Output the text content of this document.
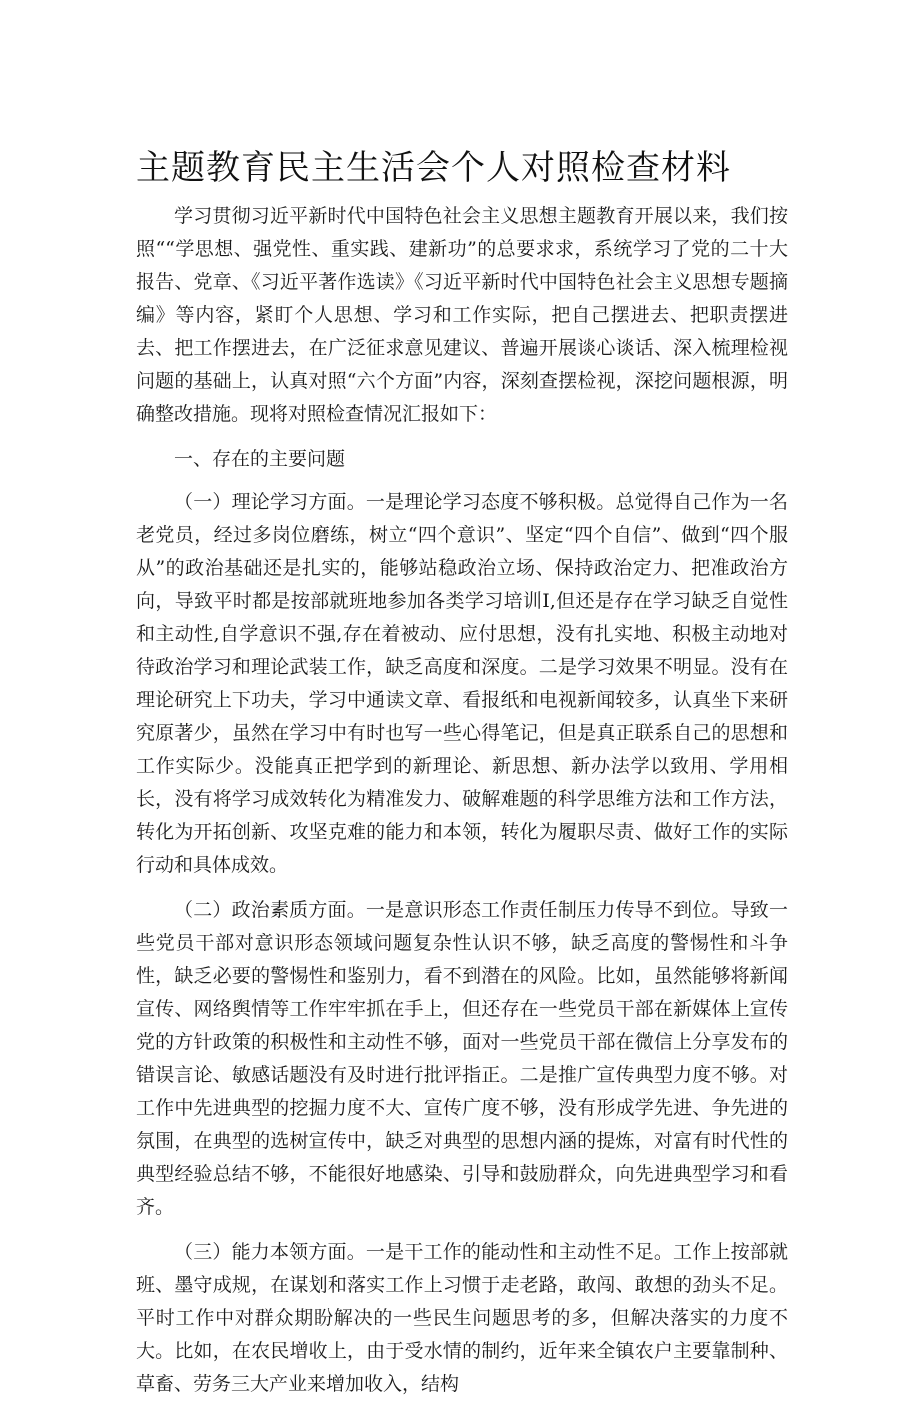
主题教育民主生活会个人对照检查材料

学习贯彻习近平新时代中国特色社会主义思想主题教育开展以来，我们按照““学思想、强党性、重实践、建新功”的总要求求，系统学习了党的二十大报告、党章、《习近平著作选读》《习近平新时代中国特色社会主义思想专题摘编》等内容，紧盯个人思想、学习和工作实际，把自己摆进去、把职责摆进去、把工作摆进去，在广泛征求意见建议、普遍开展谈心谈话、深入梳理检视问题的基础上，认真对照“六个方面”内容，深刻查摆检视，深挖问题根源，明确整改措施。现将对照检查情况汇报如下：

一、存在的主要问题

（一）理论学习方面。一是理论学习态度不够积极。总觉得自己作为一名老党员，经过多岗位磨练，树立“四个意识”、坚定“四个自信”、做到“四个服从”的政治基础还是扎实的，能够站稳政治立场、保持政治定力、把准政治方向，导致平时都是按部就班地参加各类学习培训I,但还是存在学习缺乏自觉性和主动性,自学意识不强,存在着被动、应付思想，没有扎实地、积极主动地对待政治学习和理论武装工作，缺乏高度和深度。二是学习效果不明显。没有在理论研究上下功夫，学习中通读文章、看报纸和电视新闻较多，认真坐下来研究原著少，虽然在学习中有时也写一些心得笔记，但是真正联系自己的思想和工作实际少。没能真正把学到的新理论、新思想、新办法学以致用、学用相长，没有将学习成效转化为精准发力、破解难题的科学思维方法和工作方法，转化为开拓创新、攻坚克难的能力和本领，转化为履职尽责、做好工作的实际行动和具体成效。

（二）政治素质方面。一是意识形态工作责任制压力传导不到位。导致一些党员干部对意识形态领域问题复杂性认识不够，缺乏高度的警惕性和斗争性，缺乏必要的警惕性和鉴别力，看不到潜在的风险。比如，虽然能够将新闻宣传、网络舆情等工作牢牢抓在手上，但还存在一些党员干部在新媒体上宣传党的方针政策的积极性和主动性不够，面对一些党员干部在微信上分享发布的错误言论、敏感话题没有及时进行批评指正。二是推广宣传典型力度不够。对工作中先进典型的挖掘力度不大、宣传广度不够，没有形成学先进、争先进的氛围，在典型的选树宣传中，缺乏对典型的思想内涵的提炼，对富有时代性的典型经验总结不够，不能很好地感染、引导和鼓励群众，向先进典型学习和看齐。

（三）能力本领方面。一是干工作的能动性和主动性不足。工作上按部就班、墨守成规，在谋划和落实工作上习惯于走老路，敢闯、敢想的劲头不足。平时工作中对群众期盼解决的一些民生问题思考的多，但解决落实的力度不大。比如，在农民增收上，由于受水情的制约，近年来全镇农户主要靠制种、草畜、劳务三大产业来增加收入，结构
